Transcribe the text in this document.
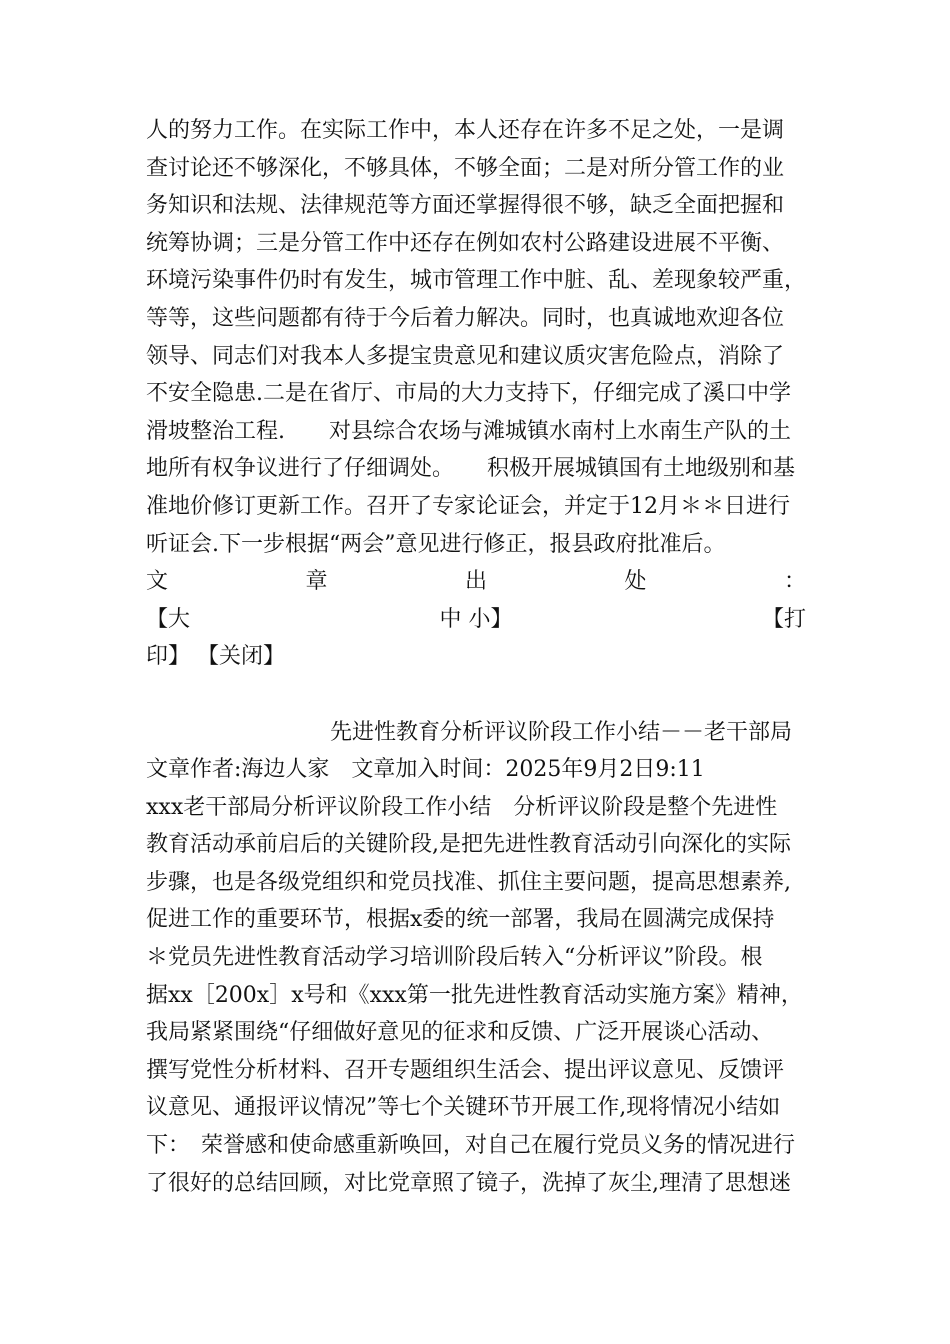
人的努力工作。在实际工作中，本人还存在许多不足之处，一是调
查讨论还不够深化，不够具体，不够全面；二是对所分管工作的业
务知识和法规、法律规范等方面还掌握得很不够，缺乏全面把握和
统筹协调；三是分管工作中还存在例如农村公路建设进展不平衡、
环境污染事件仍时有发生，城市管理工作中脏、乱、差现象较严重，
等等，这些问题都有待于今后着力解决。同时，也真诚地欢迎各位
领导、同志们对我本人多提宝贵意见和建议质灾害危险点，消除了
不安全隐患.二是在省厅、市局的大力支持下，仔细完成了溪口中学
滑坡整治工程.　　对县综合农场与滩城镇水南村上水南生产队的土
地所有权争议进行了仔细调处。　　积极开展城镇国有土地级别和基
准地价修订更新工作。召开了专家论证会，并定于12月＊＊日进行
听证会.下一步根据“两会”意见进行修正，报县政府批准后。
文	章	出	处	：
【大	中 小】	【打
印】 【关闭】
先进性教育分析评议阶段工作小结－－老干部局
文章作者:海边人家　文章加入时间：2025年9月2日9:11
xxx老干部局分析评议阶段工作小结　分析评议阶段是整个先进性
教育活动承前启后的关键阶段,是把先进性教育活动引向深化的实际
步骤，也是各级党组织和党员找准、抓住主要问题，提高思想素养,
促进工作的重要环节，根据x委的统一部署，我局在圆满完成保持
＊党员先进性教育活动学习培训阶段后转入“分析评议”阶段。根
据xx［200x］x号和《xxx第一批先进性教育活动实施方案》精神，
我局紧紧围绕“仔细做好意见的征求和反馈、广泛开展谈心活动、
撰写党性分析材料、召开专题组织生活会、提出评议意见、反馈评
议意见、通报评议情况”等七个关键环节开展工作,现将情况小结如
下：　荣誉感和使命感重新唤回，对自己在履行党员义务的情况进行
了很好的总结回顾，对比党章照了镜子，洗掉了灰尘,理清了思想迷
